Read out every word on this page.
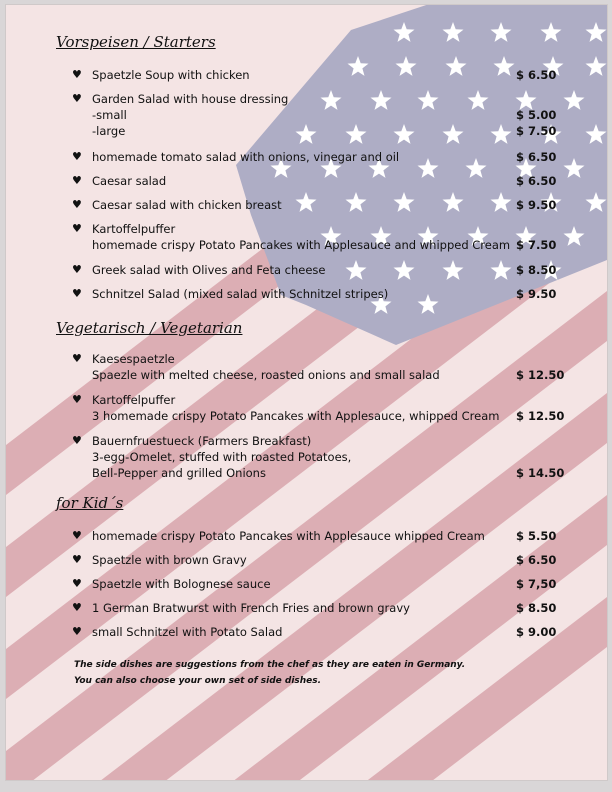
Vorspeisen / Starters
♥ Spaetzle Soup with chicken	$ 6.50
♥ Garden Salad with house dressing
-small
-large
$ 5.00
$ 7.50
♥ homemade tomato salad with onions, vinegar and oil	$ 6.50
♥ Caesar salad	$ 6.50
♥ Caesar salad with chicken breast	$ 9.50
♥ Kartoffelpuffer
homemade crispy Potato Pancakes with Applesauce and whipped Cream $ 7.50
♥ Greek salad with Olives and Feta cheese	$ 8.50
♥ Schnitzel Salad (mixed salad with Schnitzel stripes)	$ 9.50
Vegetarisch / Vegetarian
♥ Kaesespaetzle
Spaezle with melted cheese, roasted onions and small salad	$ 12.50
♥ Kartoffelpuffer
3 homemade crispy Potato Pancakes with Applesauce, whipped Cream $ 12.50
♥ Bauernfruestueck (Farmers Breakfast)
3-egg-Omelet, stuffed with roasted Potatoes,
Bell-Pepper and grilled Onions	$ 14.50
for Kid´s
♥ homemade crispy Potato Pancakes with Applesauce whipped Cream	$ 5.50
♥ Spaetzle with brown Gravy	$ 6.50
♥ Spaetzle with Bolognese sauce	$ 7,50
♥ 1 German Bratwurst with French Fries and brown gravy	$ 8.50
♥ small Schnitzel with Potato Salad	$ 9.00
The side dishes are suggestions from the chef as they are eaten in Germany.
You can also choose your own set of side dishes.
